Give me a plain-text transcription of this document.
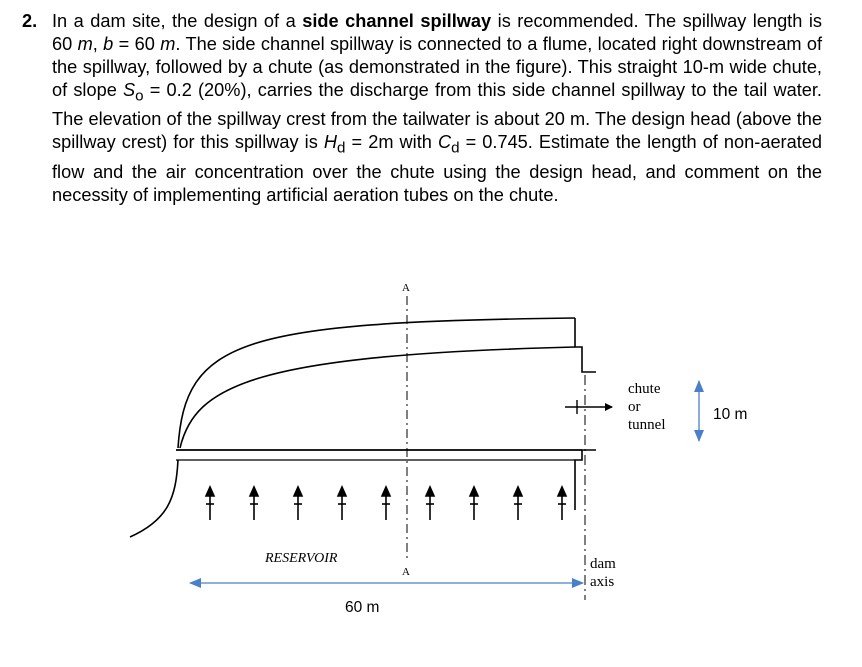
2. In a dam site, the design of a side channel spillway is recommended. The spillway length is 60 m, b = 60 m. The side channel spillway is connected to a flume, located right downstream of the spillway, followed by a chute (as demonstrated in the figure). This straight 10-m wide chute, of slope $S_o = 0.2$ (20%), carries the discharge from this side channel spillway to the tail water. The elevation of the spillway crest from the tailwater is about 20 m. The design head (above the spillway crest) for this spillway is $H_d = 2m$ with $C_d = 0.745$. Estimate the length of non-aerated flow and the air concentration over the chute using the design head, and comment on the necessity of implementing artificial aeration tubes on the chute.
A
A
chute
or
tunnel
10 m
RESERVOIR	dam
axis
60 m
